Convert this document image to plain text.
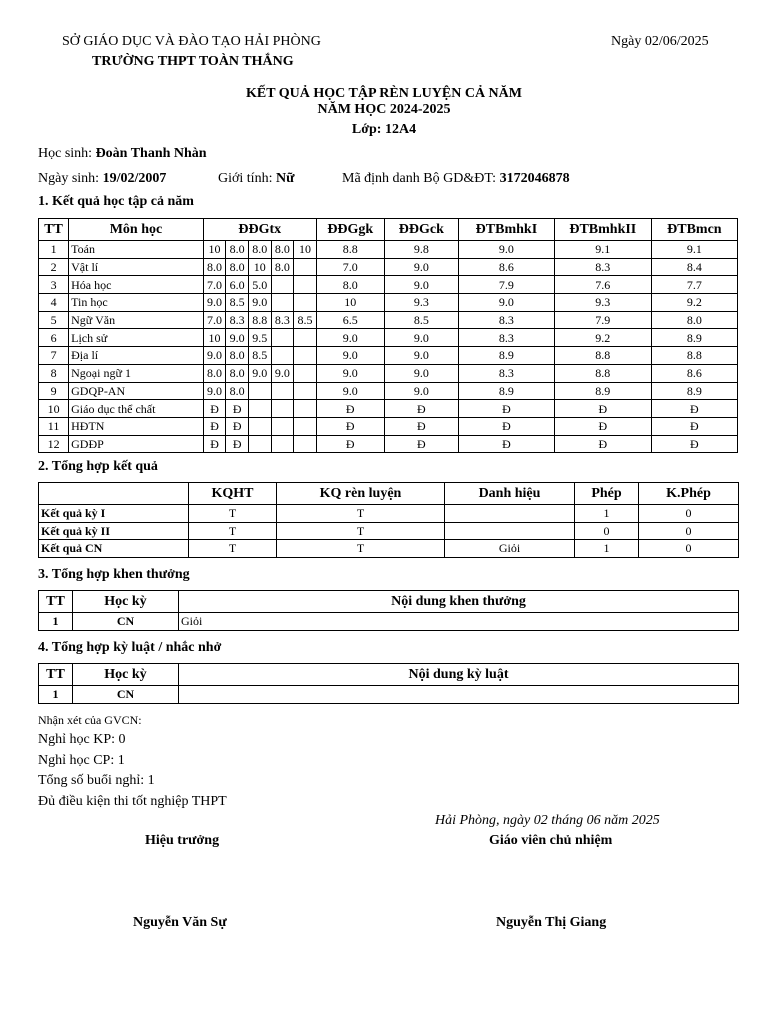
SỞ GIÁO DỤC VÀ ĐÀO TẠO HẢI PHÒNG
TRƯỜNG THPT TOÀN THẮNG
Ngày 02/06/2025
KẾT QUẢ HỌC TẬP RÈN LUYỆN CẢ NĂM
NĂM HỌC 2024-2025
Lớp: 12A4
Học sinh: Đoàn Thanh Nhàn
Ngày sinh: 19/02/2007	Giới tính: Nữ	Mã định danh Bộ GD&ĐT: 3172046878
1. Kết quả học tập cả năm
TT	Môn học	ĐĐGtx					ĐĐGgk	ĐĐGck	ĐTBmhkI	ĐTBmhkII	ĐTBmcn
1	Toán	10	8.0	8.0	8.0	10	8.8	9.8	9.0	9.1	9.1
2	Vật lí	8.0	8.0	10	8.0		7.0	9.0	8.6	8.3	8.4
3	Hóa học	7.0	6.0	5.0			8.0	9.0	7.9	7.6	7.7
4	Tin học	9.0	8.5	9.0			10	9.3	9.0	9.3	9.2
5	Ngữ Văn	7.0	8.3	8.8	8.3	8.5	6.5	8.5	8.3	7.9	8.0
6	Lịch sử	10	9.0	9.5			9.0	9.0	8.3	9.2	8.9
7	Địa lí	9.0	8.0	8.5			9.0	9.0	8.9	8.8	8.8
8	Ngoại ngữ 1	8.0	8.0	9.0	9.0		9.0	9.0	8.3	8.8	8.6
9	GDQP-AN	9.0	8.0				9.0	9.0	8.9	8.9	8.9
10	Giáo dục thể chất	Đ	Đ				Đ	Đ	Đ	Đ	Đ
11	HĐTN	Đ	Đ				Đ	Đ	Đ	Đ	Đ
12	GDĐP	Đ	Đ				Đ	Đ	Đ	Đ	Đ
2. Tổng hợp kết quả
	KQHT	KQ rèn luyện	Danh hiệu	Phép	K.Phép
Kết quả kỳ I	T	T		1	0
Kết quả kỳ II	T	T		0	0
Kết quả CN	T	T	Giỏi	1	0
3. Tổng hợp khen thưởng
TT	Học kỳ	Nội dung khen thưởng
1	CN	Giỏi
4. Tổng hợp kỳ luật / nhắc nhở
TT	Học kỳ	Nội dung kỳ luật
1	CN	
Nhận xét của GVCN:
Nghỉ học KP: 0
Nghỉ học CP: 1
Tổng số buổi nghỉ: 1
Đủ điều kiện thi tốt nghiệp THPT
Hải Phòng, ngày 02 tháng 06 năm 2025
Hiệu trưởng	Giáo viên chủ nhiệm
Nguyễn Văn Sự	Nguyễn Thị Giang
